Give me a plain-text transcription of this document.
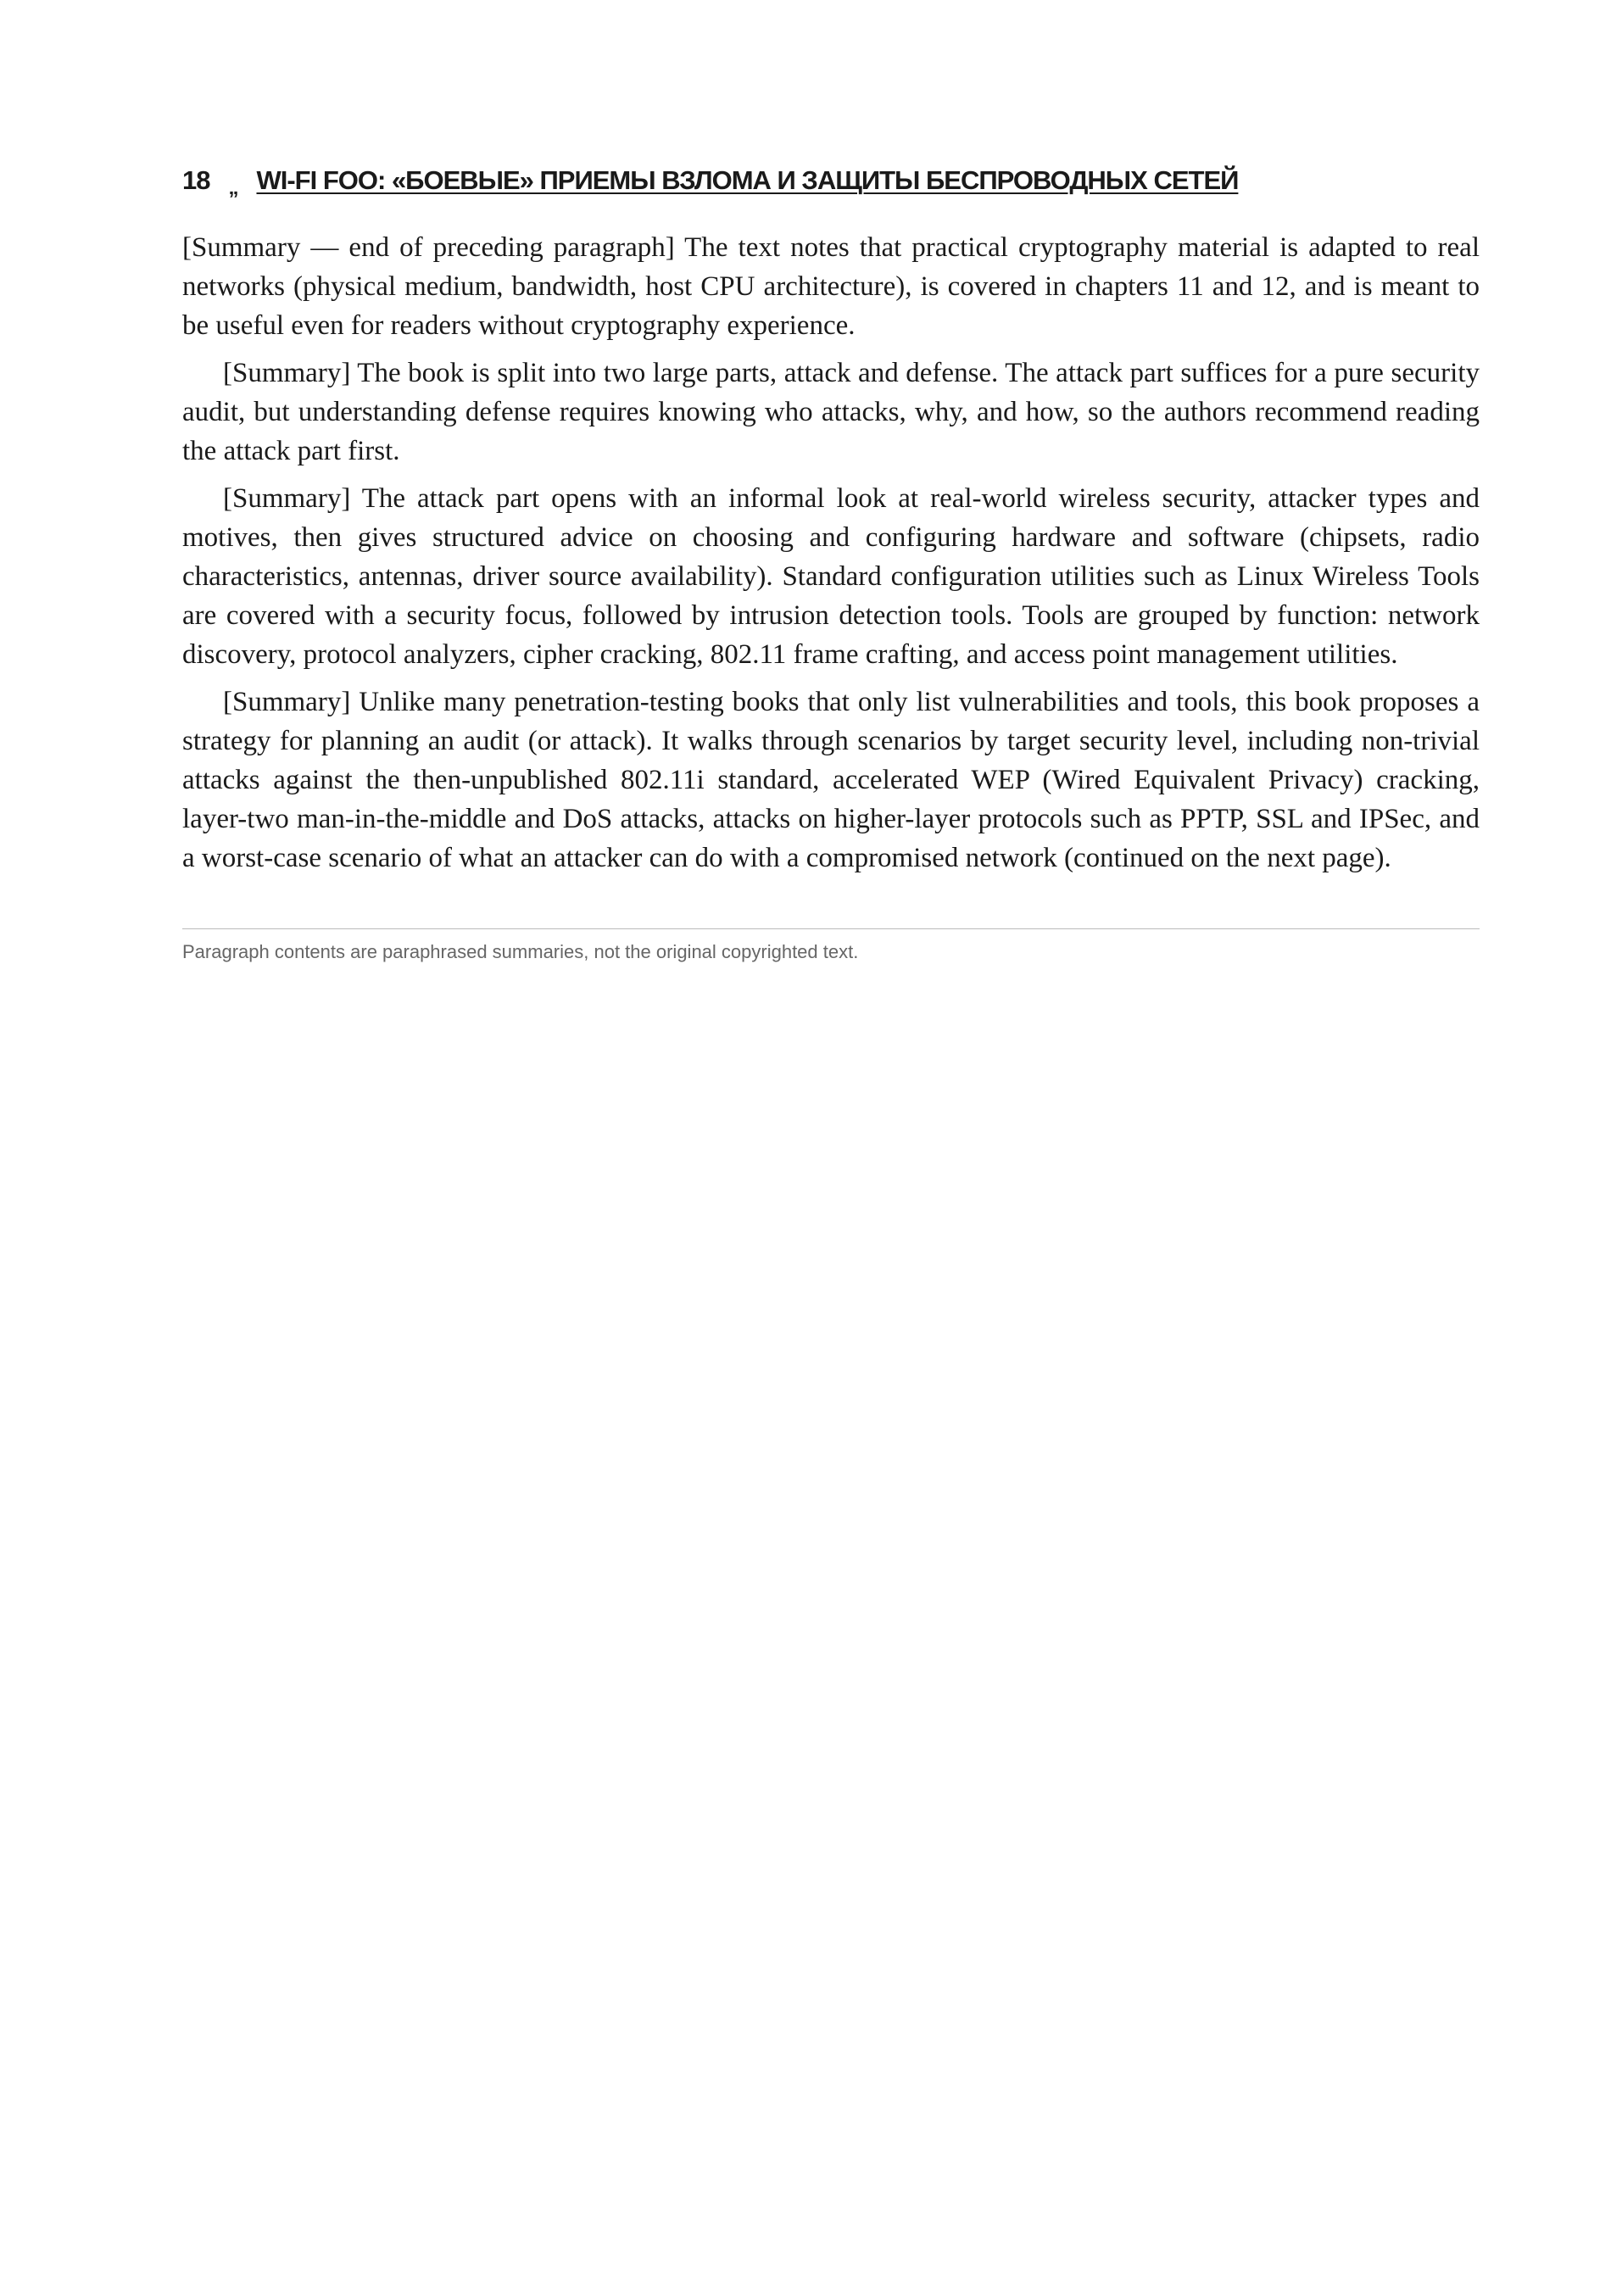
18 „ WI-FI FOO: «БОЕВЫЕ» ПРИЕМЫ ВЗЛОМА И ЗАЩИТЫ БЕСПРОВОДНЫХ СЕТЕЙ

[Summary — end of preceding paragraph] The text notes that practical cryptography material is adapted to real networks (physical medium, bandwidth, host CPU architecture), is covered in chapters 11 and 12, and is meant to be useful even for readers without cryptography experience.

[Summary] The book is split into two large parts, attack and defense. The attack part suffices for a pure security audit, but understanding defense requires knowing who attacks, why, and how, so the authors recommend reading the attack part first.

[Summary] The attack part opens with an informal look at real-world wireless security, attacker types and motives, then gives structured advice on choosing and configuring hardware and software (chipsets, radio characteristics, antennas, driver source availability). Standard configuration utilities such as Linux Wireless Tools are covered with a security focus, followed by intrusion detection tools. Tools are grouped by function: network discovery, protocol analyzers, cipher cracking, 802.11 frame crafting, and access point management utilities.

[Summary] Unlike many penetration-testing books that only list vulnerabilities and tools, this book proposes a strategy for planning an audit (or attack). It walks through scenarios by target security level, including non-trivial attacks against the then-unpublished 802.11i standard, accelerated WEP (Wired Equivalent Privacy) cracking, layer-two man-in-the-middle and DoS attacks, attacks on higher-layer protocols such as PPTP, SSL and IPSec, and a worst-case scenario of what an attacker can do with a compromised network (continued on the next page).

Paragraph contents are paraphrased summaries, not the original copyrighted text.
